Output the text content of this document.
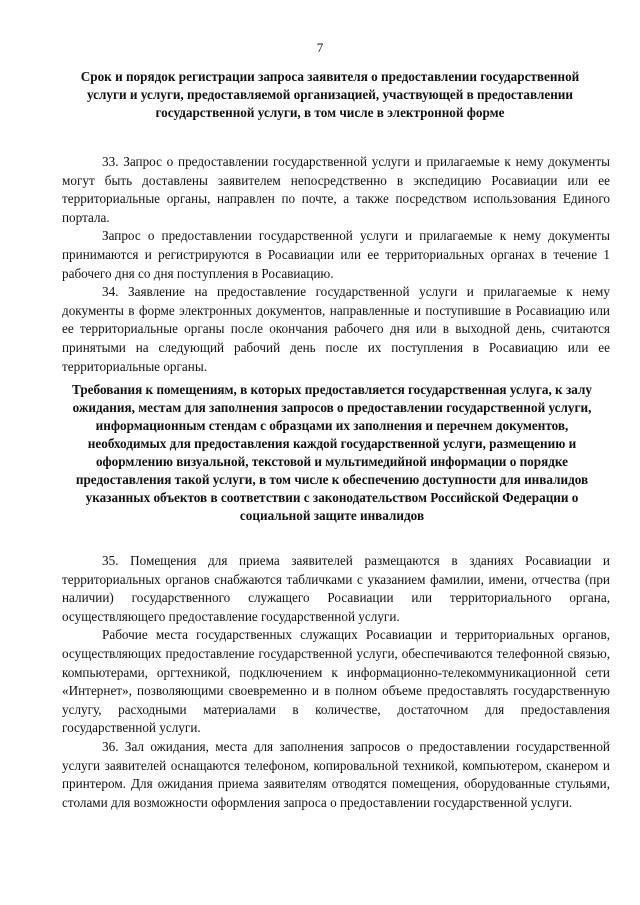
7
Срок и порядок регистрации запроса заявителя о предоставлении государственной услуги и услуги, предоставляемой организацией, участвующей в предоставлении государственной услуги, в том числе в электронной форме

33. Запрос о предоставлении государственной услуги и прилагаемые к нему документы могут быть доставлены заявителем непосредственно в экспедицию Росавиации или ее территориальные органы, направлен по почте, а также посредством использования Единого портала.

Запрос о предоставлении государственной услуги и прилагаемые к нему документы принимаются и регистрируются в Росавиации или ее территориальных органах в течение 1 рабочего дня со дня поступления в Росавиацию.

34. Заявление на предоставление государственной услуги и прилагаемые к нему документы в форме электронных документов, направленные и поступившие в Росавиацию или ее территориальные органы после окончания рабочего дня или в выходной день, считаются принятыми на следующий рабочий день после их поступления в Росавиацию или ее территориальные органы.

Требования к помещениям, в которых предоставляется государственная услуга, к залу ожидания, местам для заполнения запросов о предоставлении государственной услуги, информационным стендам с образцами их заполнения и перечнем документов, необходимых для предоставления каждой государственной услуги, размещению и оформлению визуальной, текстовой и мультимедийной информации о порядке предоставления такой услуги, в том числе к обеспечению доступности для инвалидов указанных объектов в соответствии с законодательством Российской Федерации о социальной защите инвалидов

35. Помещения для приема заявителей размещаются в зданиях Росавиации и территориальных органов снабжаются табличками с указанием фамилии, имени, отчества (при наличии) государственного служащего Росавиации или территориального органа, осуществляющего предоставление государственной услуги.

Рабочие места государственных служащих Росавиации и территориальных органов, осуществляющих предоставление государственной услуги, обеспечиваются телефонной связью, компьютерами, оргтехникой, подключением к информационно-телекоммуникационной сети «Интернет», позволяющими своевременно и в полном объеме предоставлять государственную услугу, расходными материалами в количестве, достаточном для предоставления государственной услуги.

36. Зал ожидания, места для заполнения запросов о предоставлении государственной услуги заявителей оснащаются телефоном, копировальной техникой, компьютером, сканером и принтером. Для ожидания приема заявителям отводятся помещения, оборудованные стульями, столами для возможности оформления запроса о предоставлении государственной услуги.
